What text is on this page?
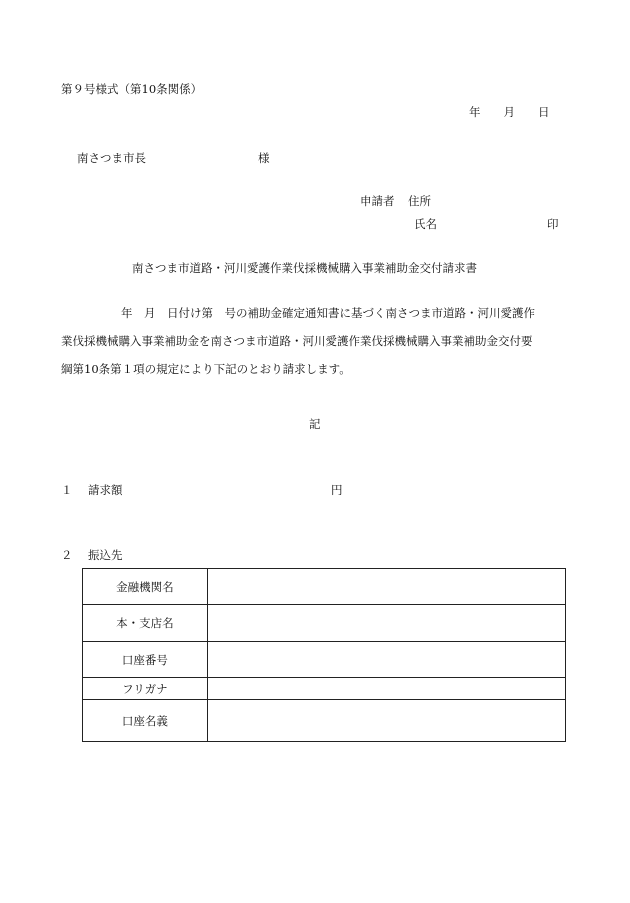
第９号様式（第10条関係）
年　　月　　日
南さつま市長	様
申請者 住所
氏名	印
南さつま市道路・河川愛護作業伐採機械購入事業補助金交付請求書
年　月　日付け第　号の補助金確定通知書に基づく南さつま市道路・河川愛護作
業伐採機械購入事業補助金を南さつま市道路・河川愛護作業伐採機械購入事業補助金交付要
綱第10条第１項の規定により下記のとおり請求します。
記
１ 請求額	円
２ 振込先
金融機関名	
本・支店名	
口座番号	
フリガナ	
口座名義	
